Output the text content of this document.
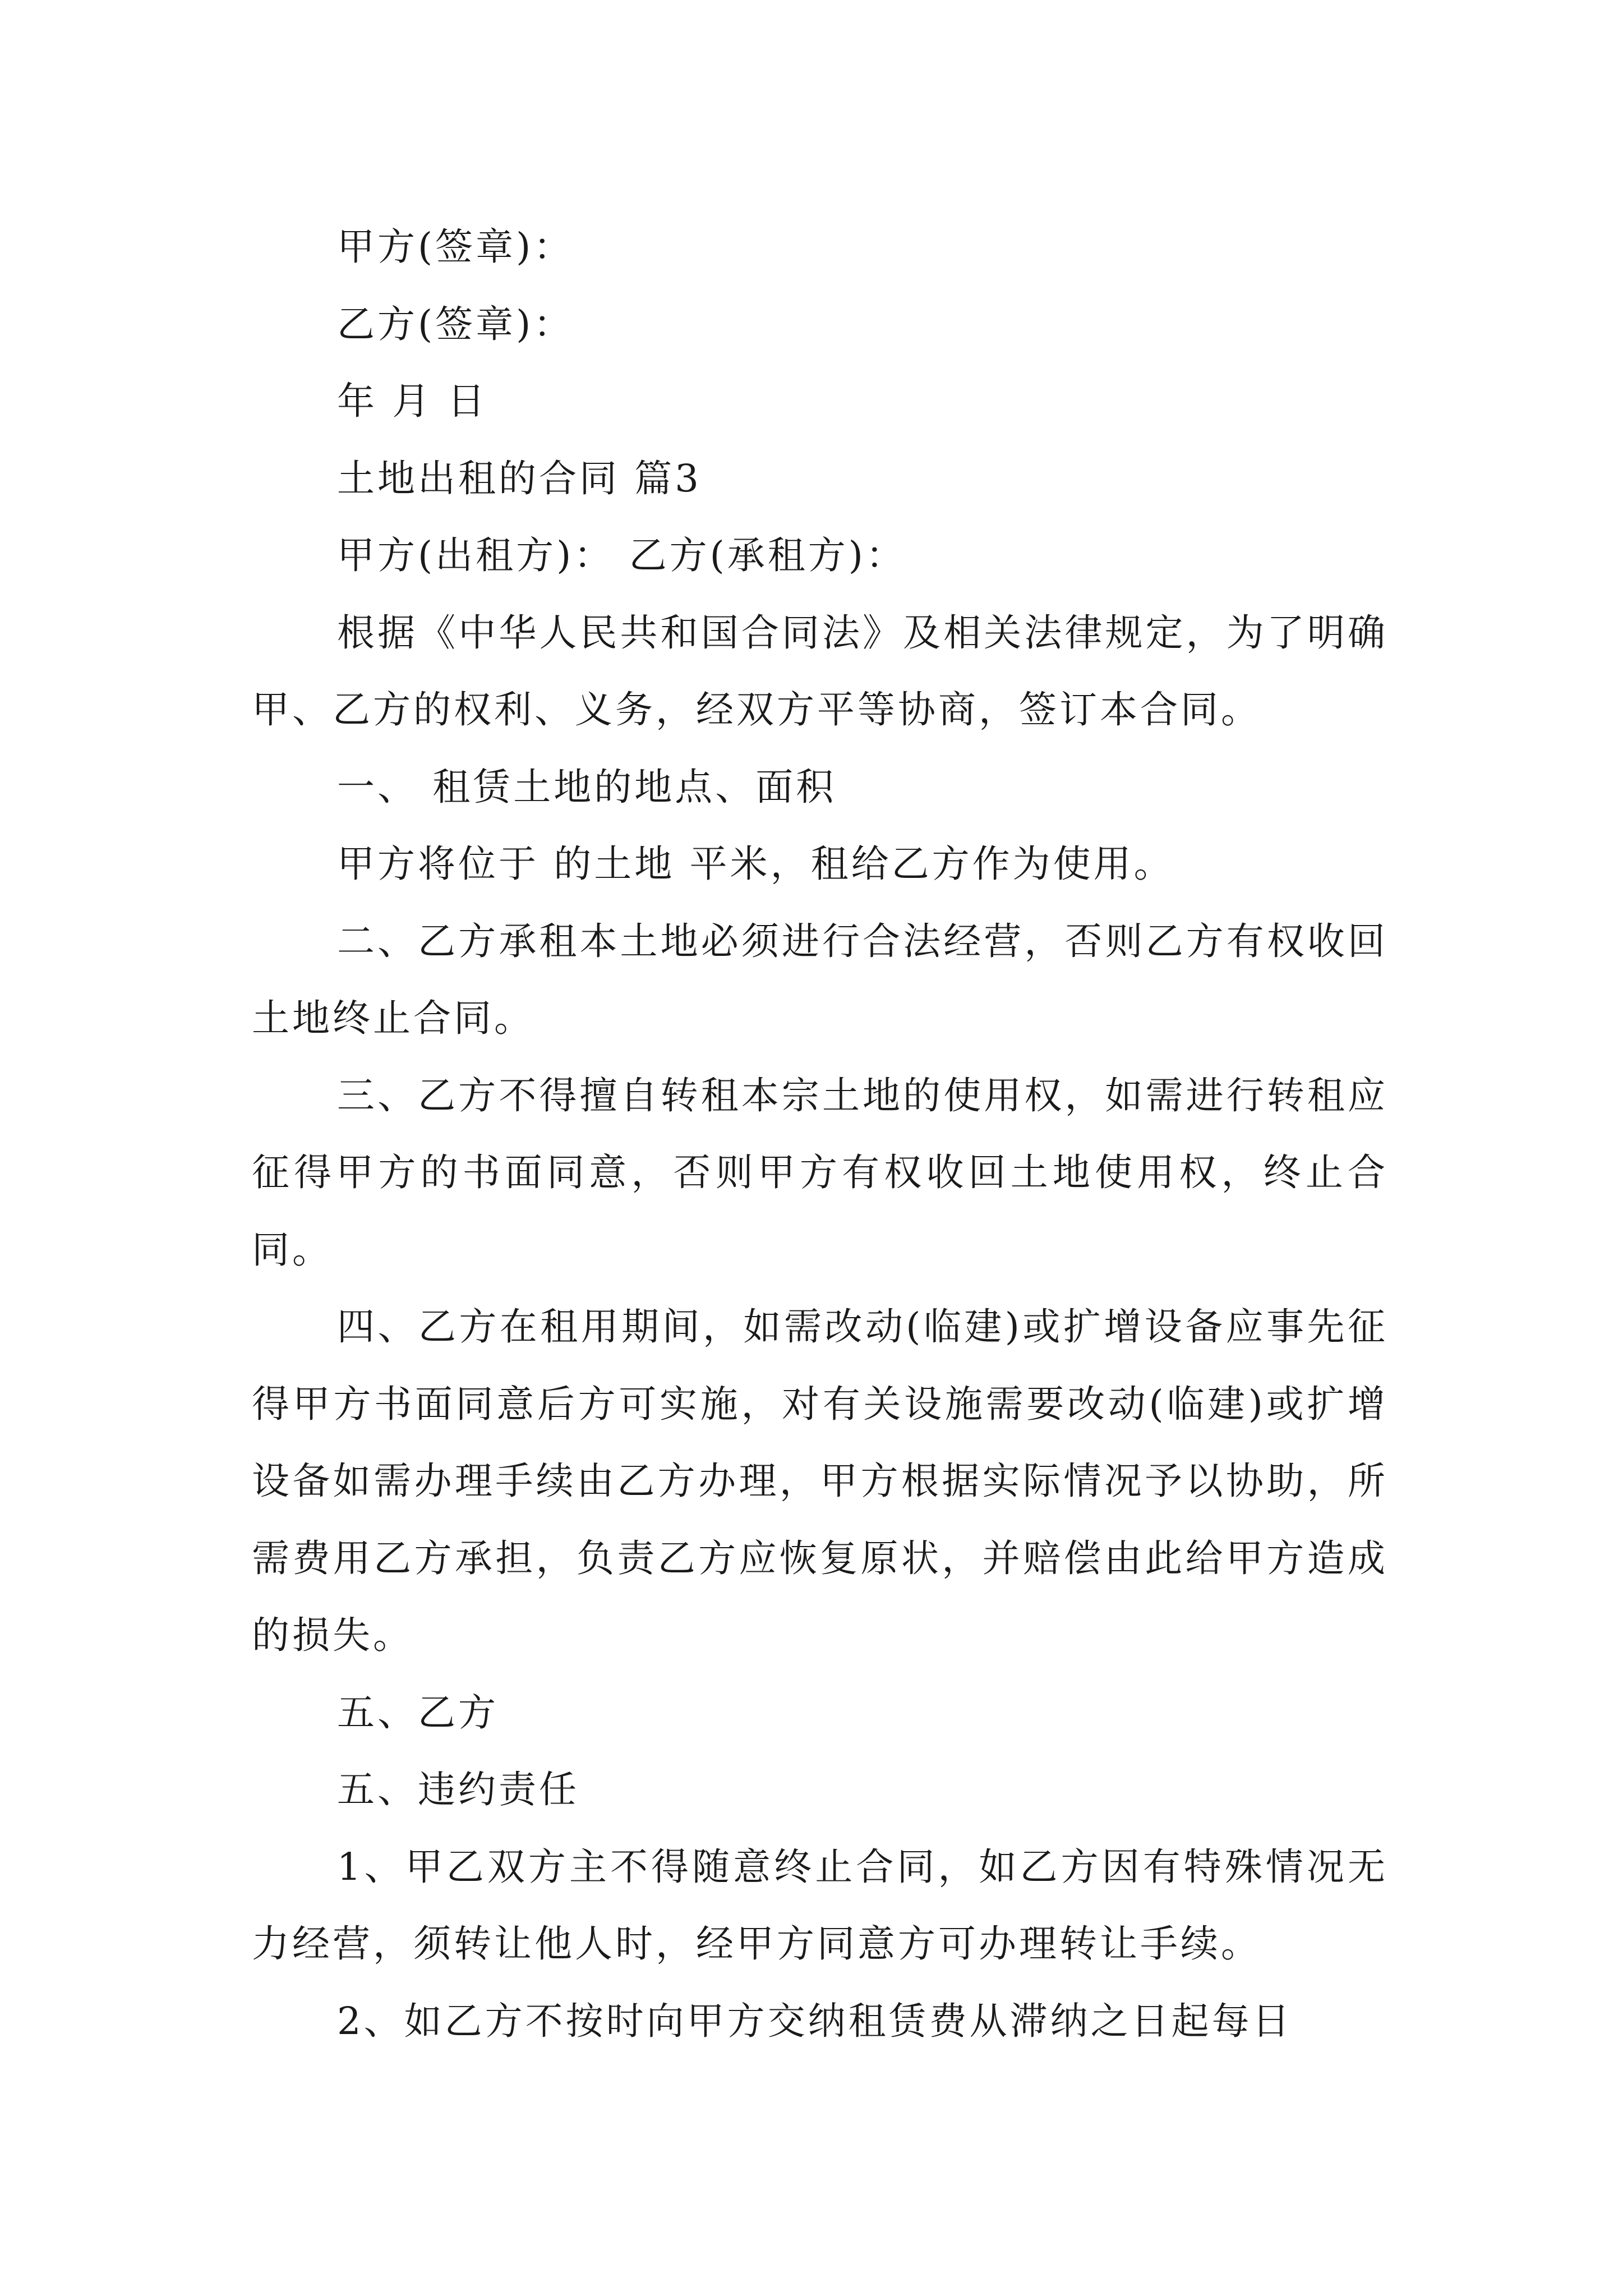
甲方(签章)：

乙方(签章)：

年 月 日

土地出租的合同 篇3

甲方(出租方)： 乙方(承租方)：

根据《中华人民共和国合同法》及相关法律规定，为了明确甲、乙方的权利、义务，经双方平等协商，签订本合同。

一、 租赁土地的地点、面积

甲方将位于 的土地 平米，租给乙方作为使用。

二、乙方承租本土地必须进行合法经营，否则乙方有权收回土地终止合同。

三、乙方不得擅自转租本宗土地的使用权，如需进行转租应征得甲方的书面同意，否则甲方有权收回土地使用权，终止合同。

四、乙方在租用期间，如需改动(临建)或扩增设备应事先征得甲方书面同意后方可实施，对有关设施需要改动(临建)或扩增设备如需办理手续由乙方办理，甲方根据实际情况予以协助，所需费用乙方承担，负责乙方应恢复原状，并赔偿由此给甲方造成的损失。

五、乙方

五、违约责任

1、甲乙双方主不得随意终止合同，如乙方因有特殊情况无力经营，须转让他人时，经甲方同意方可办理转让手续。

2、如乙方不按时向甲方交纳租赁费从滞纳之日起每日
